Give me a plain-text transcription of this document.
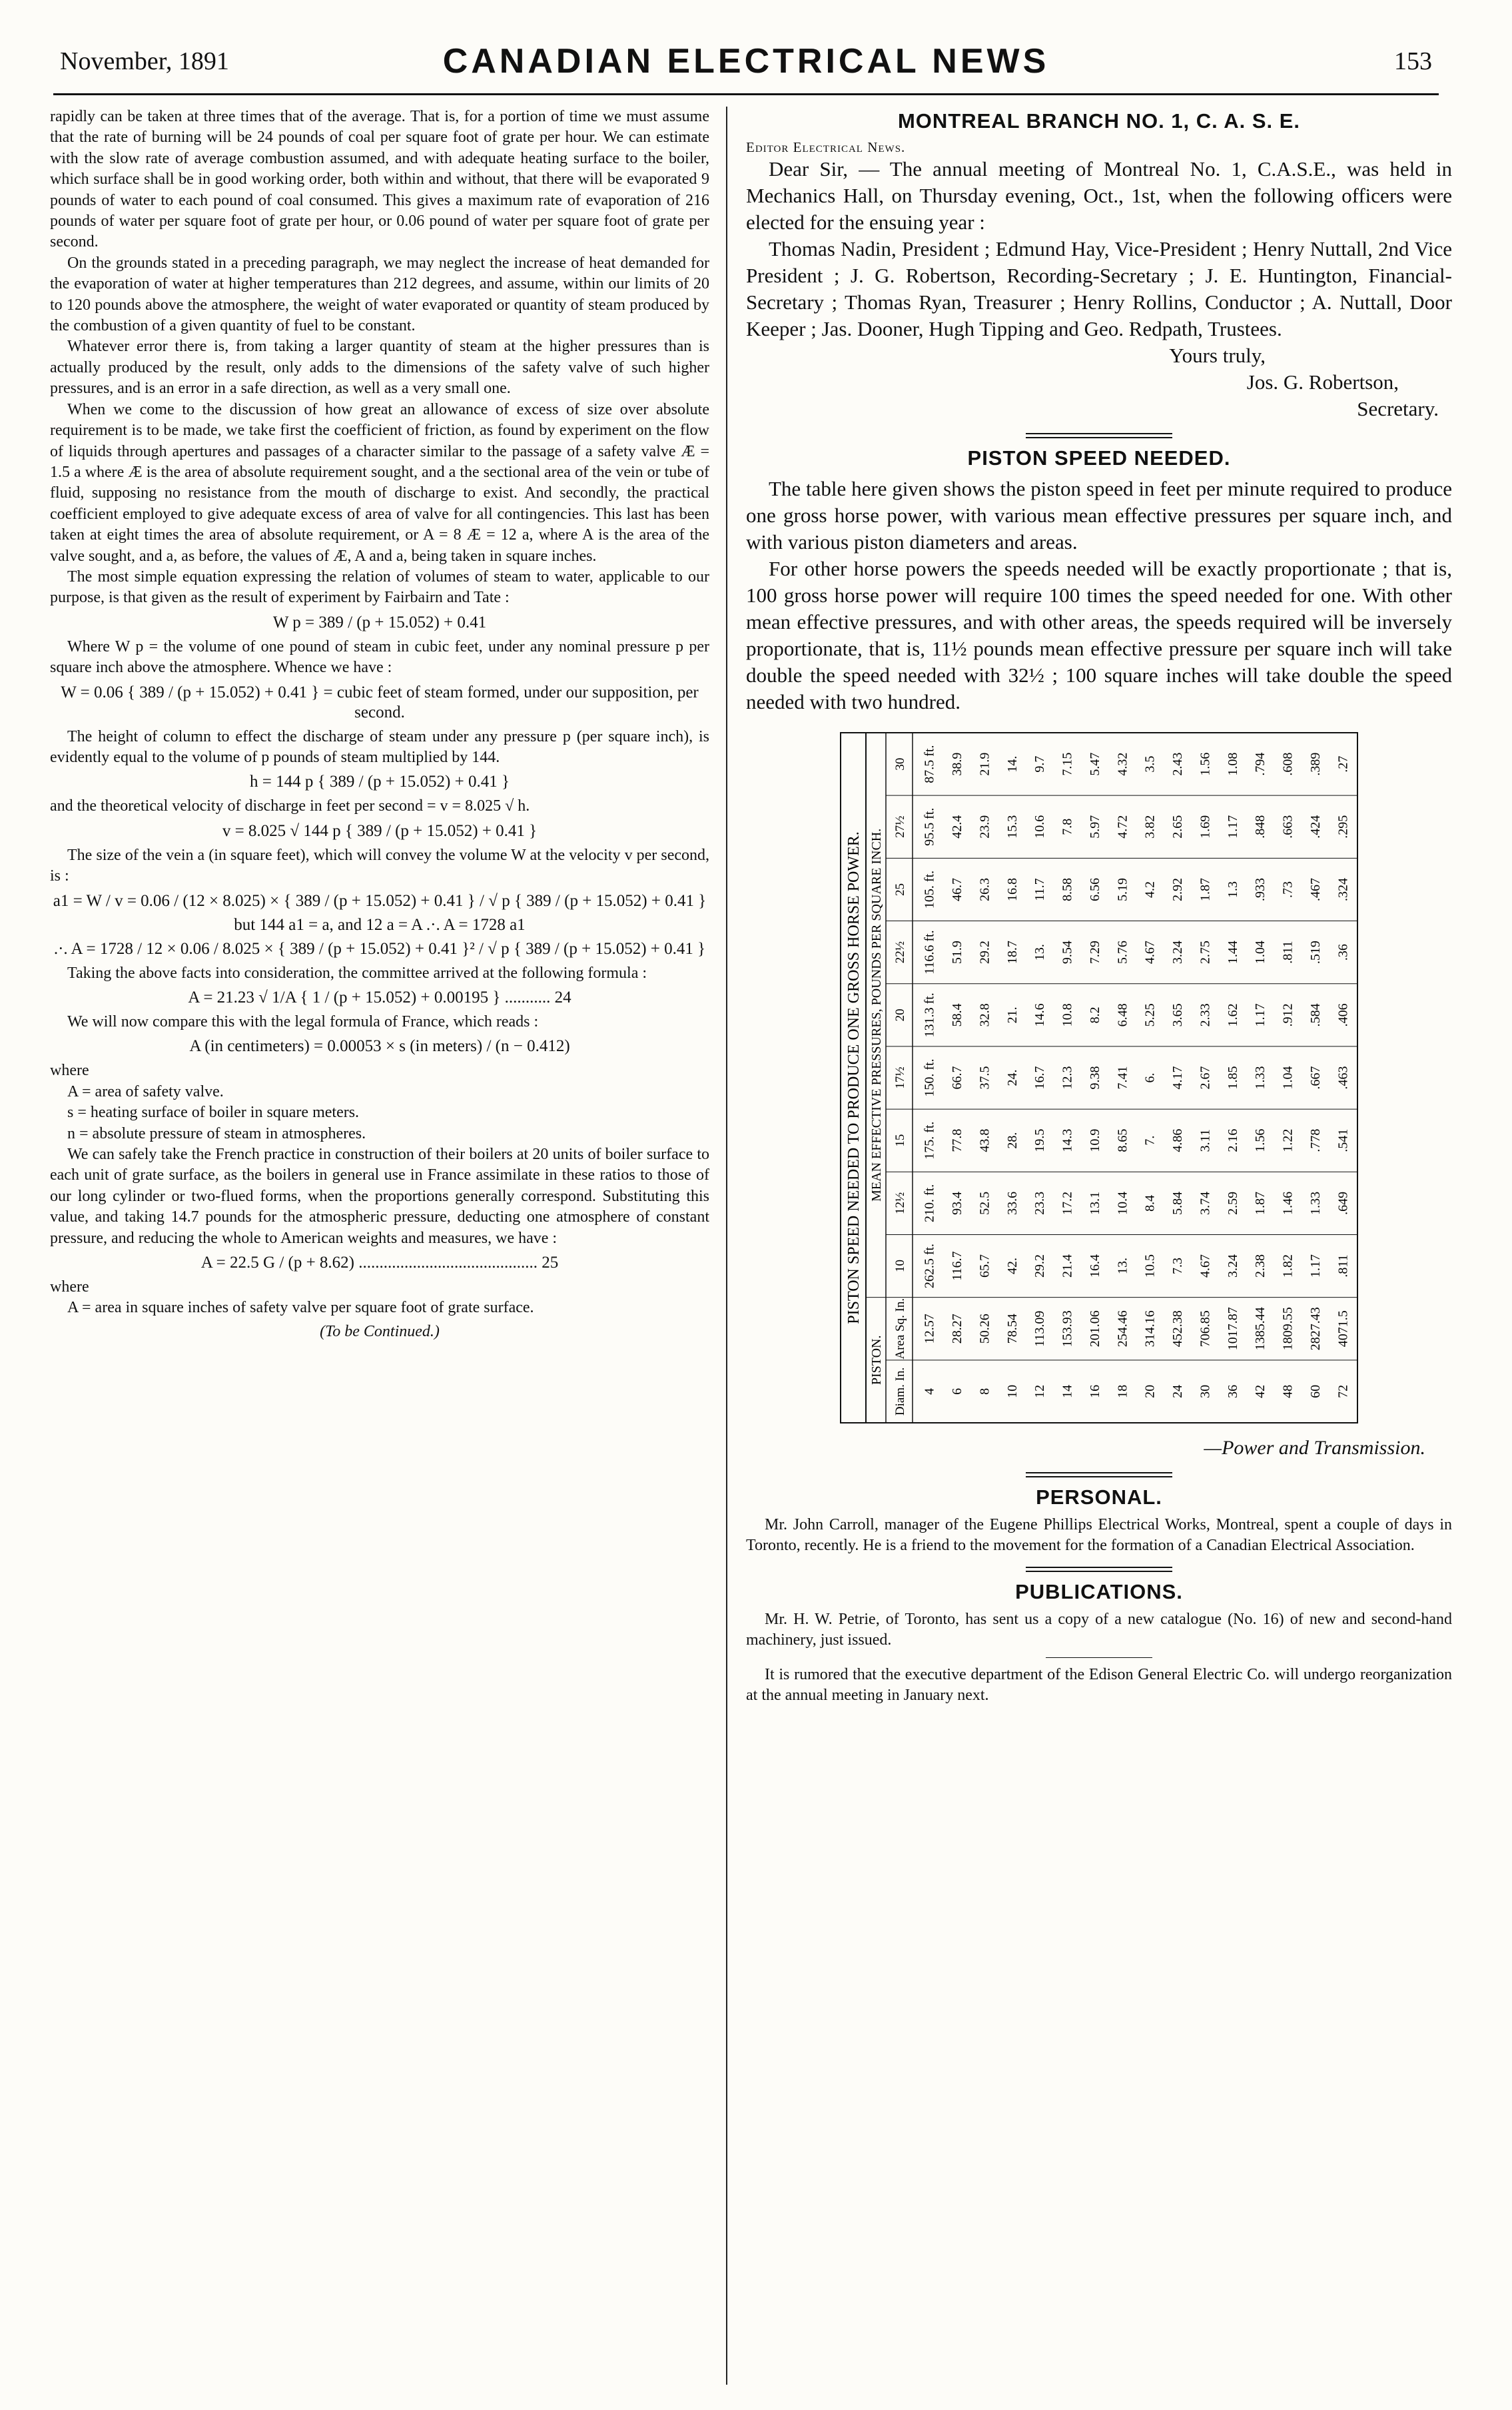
November, 1891	CANADIAN ELECTRICAL NEWS	153

rapidly can be taken at three times that of the average. That is, for a portion of time we must assume that the rate of burning will be 24 pounds of coal per square foot of grate per hour. We can estimate with the slow rate of average combustion assumed, and with adequate heating surface to the boiler, which surface shall be in good working order, both within and without, that there will be evaporated 9 pounds of water to each pound of coal consumed. This gives a maximum rate of evaporation of 216 pounds of water per square foot of grate per hour, or 0.06 pound of water per square foot of grate per second.

On the grounds stated in a preceding paragraph, we may neglect the increase of heat demanded for the evaporation of water at higher temperatures than 212 degrees, and assume, within our limits of 20 to 120 pounds above the atmosphere, the weight of water evaporated or quantity of steam produced by the combustion of a given quantity of fuel to be constant.

Whatever error there is, from taking a larger quantity of steam at the higher pressures than is actually produced by the result, only adds to the dimensions of the safety valve of such higher pressures, and is an error in a safe direction, as well as a very small one.

When we come to the discussion of how great an allowance of excess of size over absolute requirement is to be made, we take first the coefficient of friction, as found by experiment on the flow of liquids through apertures and passages of a character similar to the passage of a safety valve Æ = 1.5 a where Æ is the area of absolute requirement sought, and a the sectional area of the vein or tube of fluid, supposing no resistance from the mouth of discharge to exist. And secondly, the practical coefficient employed to give adequate excess of area of valve for all contingencies. This last has been taken at eight times the area of absolute requirement, or A = 8 Æ = 12 a, where A is the area of the valve sought, and a, as before, the values of Æ, A and a, being taken in square inches.

The most simple equation expressing the relation of volumes of steam to water, applicable to our purpose, is that given as the result of experiment by Fairbairn and Tate :

W p = 389 / (p + 15.052) + 0.41

Where W p = the volume of one pound of steam in cubic feet, under any nominal pressure p per square inch above the atmosphere. Whence we have :

W = 0.06 { 389 / (p + 15.052) + 0.41 } = cubic feet of steam formed, under our supposition, per second.

The height of column to effect the discharge of steam under any pressure p (per square inch), is evidently equal to the volume of p pounds of steam multiplied by 144.

h = 144 p { 389 / (p + 15.052) + 0.41 }

and the theoretical velocity of discharge in feet per second = v = 8.025 √ h.

v = 8.025 √ 144 p { 389 / (p + 15.052) + 0.41 }

The size of the vein a (in square feet), which will convey the volume W at the velocity v per second, is :

a1 = W / v = 0.06 / (12 × 8.025) × { 389 / (p + 15.052) + 0.41 } / √ p { 389 / (p + 15.052) + 0.41 }
but 144 a1 = a, and 12 a = A .·. A = 1728 a1
.·. A = 1728 / 12 × 0.06 / 8.025 × { 389 / (p + 15.052) + 0.41 }² / √ p { 389 / (p + 15.052) + 0.41 }

Taking the above facts into consideration, the committee arrived at the following formula :

A = 21.23 √ 1/A { 1 / (p + 15.052) + 0.00195 } ........... 24

We will now compare this with the legal formula of France, which reads :

A (in centimeters) = 0.00053 × s (in meters) / (n − 0.412)

where

A = area of safety valve.

s = heating surface of boiler in square meters.

n = absolute pressure of steam in atmospheres.

We can safely take the French practice in construction of their boilers at 20 units of boiler surface to each unit of grate surface, as the boilers in general use in France assimilate in these ratios to those of our long cylinder or two-flued forms, when the proportions generally correspond. Substituting this value, and taking 14.7 pounds for the atmospheric pressure, deducting one atmosphere of constant pressure, and reducing the whole to American weights and measures, we have :

A = 22.5 G / (p + 8.62) ........................................... 25

where

A = area in square inches of safety valve per square foot of grate surface.

(To be Continued.)
MONTREAL BRANCH NO. 1, C. A. S. E.

Editor Electrical News.

Dear Sir, — The annual meeting of Montreal No. 1, C.A.S.E., was held in Mechanics Hall, on Thursday evening, Oct., 1st, when the following officers were elected for the ensuing year :

Thomas Nadin, President ; Edmund Hay, Vice-President ; Henry Nuttall, 2nd Vice President ; J. G. Robertson, Recording-Secretary ; J. E. Huntington, Financial-Secretary ; Thomas Ryan, Treasurer ; Henry Rollins, Conductor ; A. Nuttall, Door Keeper ; Jas. Dooner, Hugh Tipping and Geo. Redpath, Trustees.

Yours truly,
Jos. G. Robertson,
Secretary.
PISTON SPEED NEEDED.

The table here given shows the piston speed in feet per minute required to produce one gross horse power, with various mean effective pressures per square inch, and with various piston diameters and areas.

For other horse powers the speeds needed will be exactly proportionate ; that is, 100 gross horse power will require 100 times the speed needed for one. With other mean effective pressures, and with other areas, the speeds required will be inversely proportionate, that is, 11½ pounds mean effective pressure per square inch will take double the speed needed with 32½ ; 100 square inches will take double the speed needed with two hundred.

PISTON SPEED NEEDED TO PRODUCE ONE GROSS HORSE POWER.
PISTON.
MEAN EFFECTIVE PRESSURES, POUNDS PER SQUARE INCH.
Diam. In.
Area Sq. In.
10
12½
15
17½
20
22½
25
27½
30
4
12.57
262.5 ft.
210. ft.
175. ft.
150. ft.
131.3 ft.
116.6 ft.
105. ft.
95.5 ft.
87.5 ft.
6
28.27
116.7
93.4
77.8
66.7
58.4
51.9
46.7
42.4
38.9
8
50.26
65.7
52.5
43.8
37.5
32.8
29.2
26.3
23.9
21.9
10
78.54
42.
33.6
28.
24.
21.
18.7
16.8
15.3
14.
12
113.09
29.2
23.3
19.5
16.7
14.6
13.
11.7
10.6
9.7
14
153.93
21.4
17.2
14.3
12.3
10.8
9.54
8.58
7.8
7.15
16
201.06
16.4
13.1
10.9
9.38
8.2
7.29
6.56
5.97
5.47
18
254.46
13.
10.4
8.65
7.41
6.48
5.76
5.19
4.72
4.32
20
314.16
10.5
8.4
7.
6.
5.25
4.67
4.2
3.82
3.5
24
452.38
7.3
5.84
4.86
4.17
3.65
3.24
2.92
2.65
2.43
30
706.85
4.67
3.74
3.11
2.67
2.33
2.75
1.87
1.69
1.56
36
1017.87
3.24
2.59
2.16
1.85
1.62
1.44
1.3
1.17
1.08
42
1385.44
2.38
1.87
1.56
1.33
1.17
1.04
.933
.848
.794
48
1809.55
1.82
1.46
1.22
1.04
.912
.811
.73
.663
.608
60
2827.43
1.17
1.33
.778
.667
.584
.519
.467
.424
.389
72
4071.5
.811
.649
.541
.463
.406
.36
.324
.295
.27
—Power and Transmission.
PERSONAL.

Mr. John Carroll, manager of the Eugene Phillips Electrical Works, Montreal, spent a couple of days in Toronto, recently. He is a friend to the movement for the formation of a Canadian Electrical Association.

PUBLICATIONS.

Mr. H. W. Petrie, of Toronto, has sent us a copy of a new catalogue (No. 16) of new and second-hand machinery, just issued.

It is rumored that the executive department of the Edison General Electric Co. will undergo reorganization at the annual meeting in January next.
